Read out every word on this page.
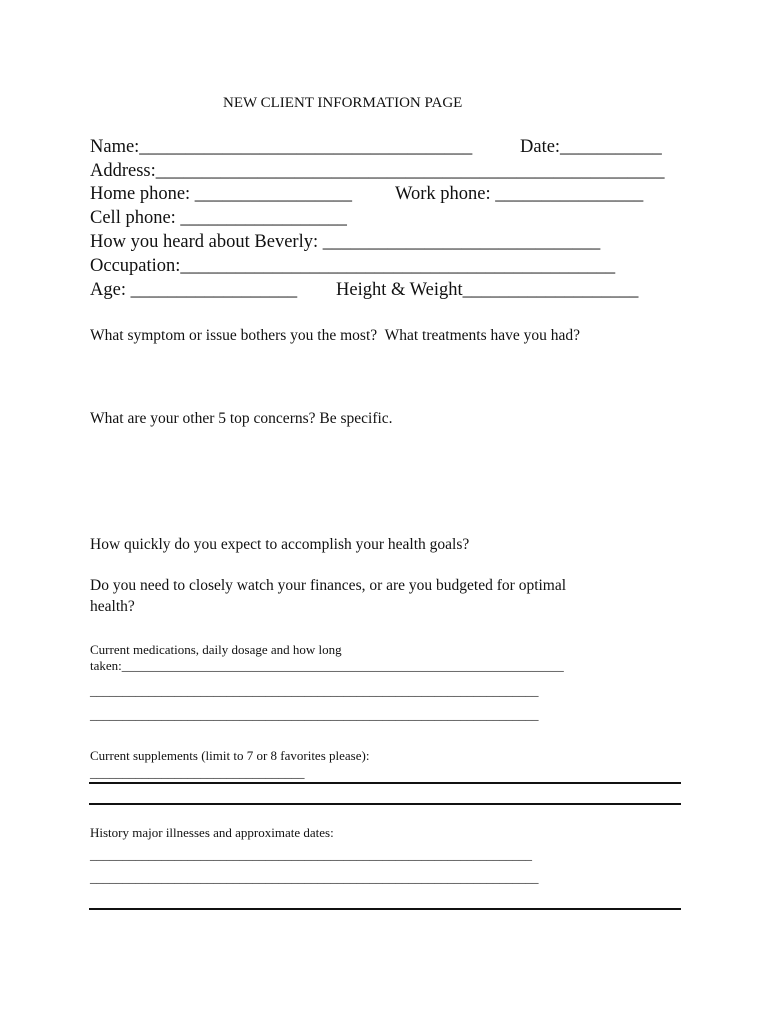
NEW CLIENT INFORMATION PAGE
Name:____________________________________	Date:___________
Address:_______________________________________________________
Home phone: _________________ Work phone: ________________
Cell phone: __________________
How you heard about Beverly: ______________________________
Occupation:_______________________________________________
Age: __________________ Height & Weight___________________
What symptom or issue bothers you the most?  What treatments have you had?
What are your other 5 top concerns? Be specific.
How quickly do you expect to accomplish your health goals?
Do you need to closely watch your finances, or are you budgeted for optimal
health?
Current medications, daily dosage and how long
taken:____________________________________________________________________
_____________________________________________________________________
_____________________________________________________________________
Current supplements (limit to 7 or 8 favorites please):
_________________________________
History major illnesses and approximate dates:
____________________________________________________________________
_____________________________________________________________________
